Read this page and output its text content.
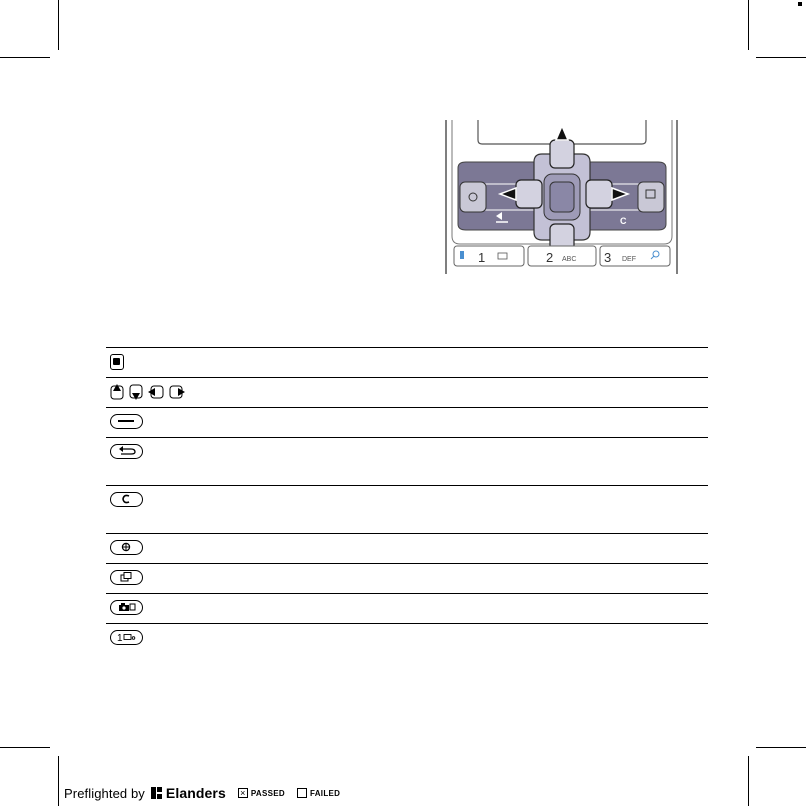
C
1	2 ABC 3 DEF

1
Preflighted by Elanders × PASSED	FAILED
